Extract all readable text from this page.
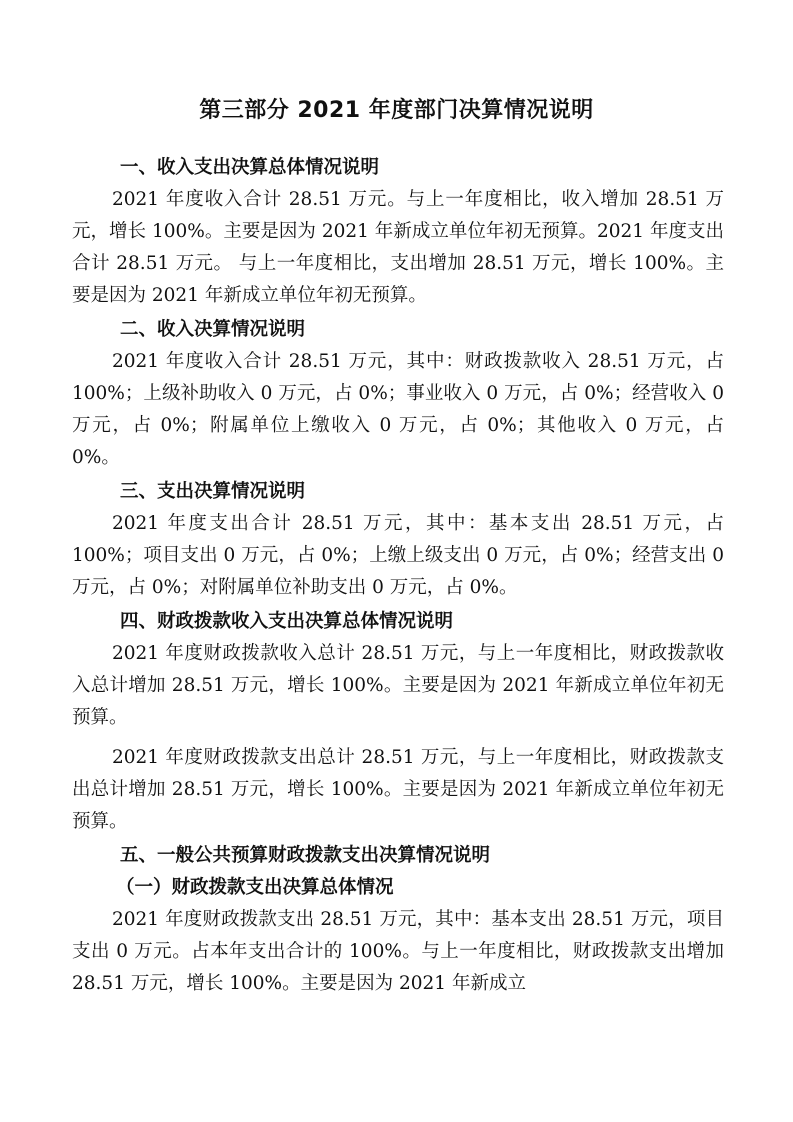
第三部分 2021 年度部门决算情况说明
一、收入支出决算总体情况说明

2021 年度收入合计 28.51 万元。与上一年度相比，收入增加 28.51 万元，增长 100%。主要是因为 2021 年新成立单位年初无预算。2021 年度支出合计 28.51 万元。 与上一年度相比，支出增加 28.51 万元，增长 100%。主要是因为 2021 年新成立单位年初无预算。

二、收入决算情况说明

2021 年度收入合计 28.51 万元，其中：财政拨款收入 28.51 万元，占 100%；上级补助收入 0 万元，占 0%；事业收入 0 万元，占 0%；经营收入 0 万元，占 0%；附属单位上缴收入 0 万元，占 0%；其他收入 0 万元，占 0%。

三、支出决算情况说明

2021 年度支出合计 28.51 万元，其中：基本支出 28.51 万元，占 100%；项目支出 0 万元，占 0%；上缴上级支出 0 万元，占 0%；经营支出 0 万元，占 0%；对附属单位补助支出 0 万元，占 0%。

四、财政拨款收入支出决算总体情况说明

2021 年度财政拨款收入总计 28.51 万元，与上一年度相比，财政拨款收入总计增加 28.51 万元，增长 100%。主要是因为 2021 年新成立单位年初无预算。

2021 年度财政拨款支出总计 28.51 万元，与上一年度相比，财政拨款支出总计增加 28.51 万元，增长 100%。主要是因为 2021 年新成立单位年初无预算。

五、一般公共预算财政拨款支出决算情况说明
（一）财政拨款支出决算总体情况

2021 年度财政拨款支出 28.51 万元，其中：基本支出 28.51 万元，项目支出 0 万元。占本年支出合计的 100%。与上一年度相比，财政拨款支出增加 28.51 万元，增长 100%。主要是因为 2021 年新成立
